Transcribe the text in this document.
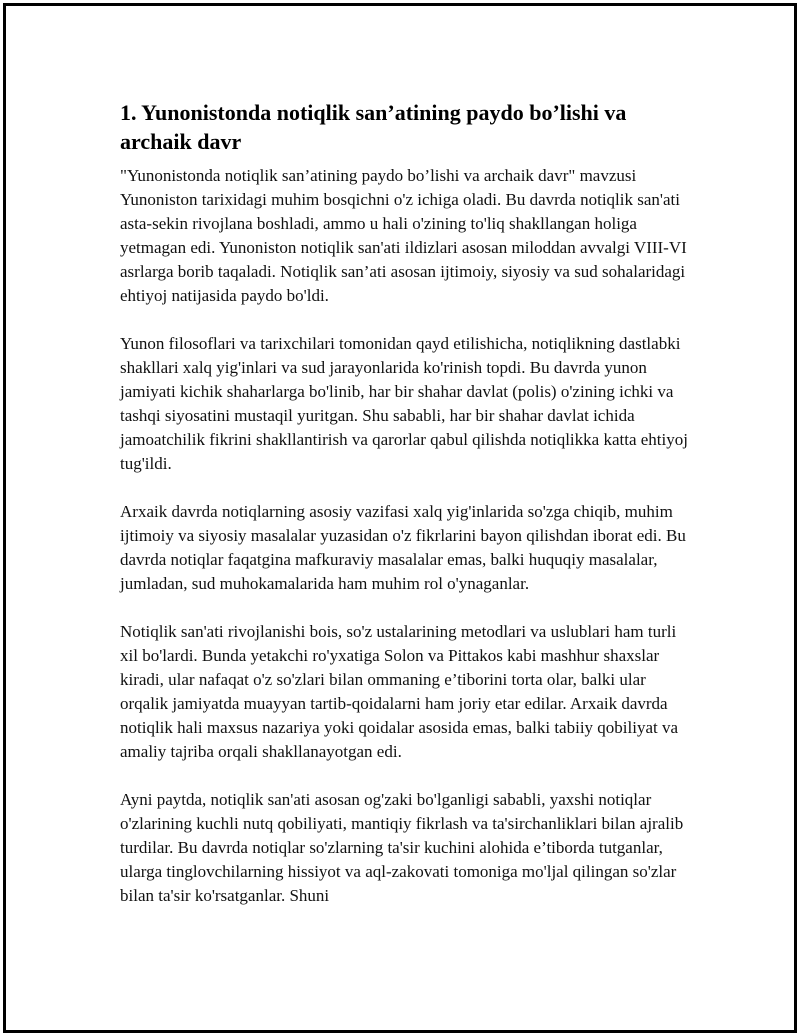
1. Yunonistonda notiqlik san’atining paydo bo’lishi va archaik davr

"Yunonistonda notiqlik san’atining paydo bo’lishi va archaik davr" mavzusi Yunoniston tarixidagi muhim bosqichni o'z ichiga oladi. Bu davrda notiqlik san'ati asta-sekin rivojlana boshladi, ammo u hali o'zining to'liq shakllangan holiga yetmagan edi. Yunoniston notiqlik san'ati ildizlari asosan miloddan avvalgi VIII-VI asrlarga borib taqaladi. Notiqlik san’ati asosan ijtimoiy, siyosiy va sud sohalaridagi ehtiyoj natijasida paydo bo'ldi.

Yunon filosoflari va tarixchilari tomonidan qayd etilishicha, notiqlikning dastlabki shakllari xalq yig'inlari va sud jarayonlarida ko'rinish topdi. Bu davrda yunon jamiyati kichik shaharlarga bo'linib, har bir shahar davlat (polis) o'zining ichki va tashqi siyosatini mustaqil yuritgan. Shu sababli, har bir shahar davlat ichida jamoatchilik fikrini shakllantirish va qarorlar qabul qilishda notiqlikka katta ehtiyoj tug'ildi.

Arxaik davrda notiqlarning asosiy vazifasi xalq yig'inlarida so'zga chiqib, muhim ijtimoiy va siyosiy masalalar yuzasidan o'z fikrlarini bayon qilishdan iborat edi. Bu davrda notiqlar faqatgina mafkuraviy masalalar emas, balki huquqiy masalalar, jumladan, sud muhokamalarida ham muhim rol o'ynaganlar.

Notiqlik san'ati rivojlanishi bois, so'z ustalarining metodlari va uslublari ham turli xil bo'lardi. Bunda yetakchi ro'yxatiga Solon va Pittakos kabi mashhur shaxslar kiradi, ular nafaqat o'z so'zlari bilan ommaning e’tiborini torta olar, balki ular orqalik jamiyatda muayyan tartib-qoidalarni ham joriy etar edilar. Arxaik davrda notiqlik hali maxsus nazariya yoki qoidalar asosida emas, balki tabiiy qobiliyat va amaliy tajriba orqali shakllanayotgan edi.

Ayni paytda, notiqlik san'ati asosan og'zaki bo'lganligi sababli, yaxshi notiqlar o'zlarining kuchli nutq qobiliyati, mantiqiy fikrlash va ta'sirchanliklari bilan ajralib turdilar. Bu davrda notiqlar so'zlarning ta'sir kuchini alohida e’tiborda tutganlar, ularga tinglovchilarning hissiyot va aql-zakovati tomoniga mo'ljal qilingan so'zlar bilan ta'sir ko'rsatganlar. Shuni
